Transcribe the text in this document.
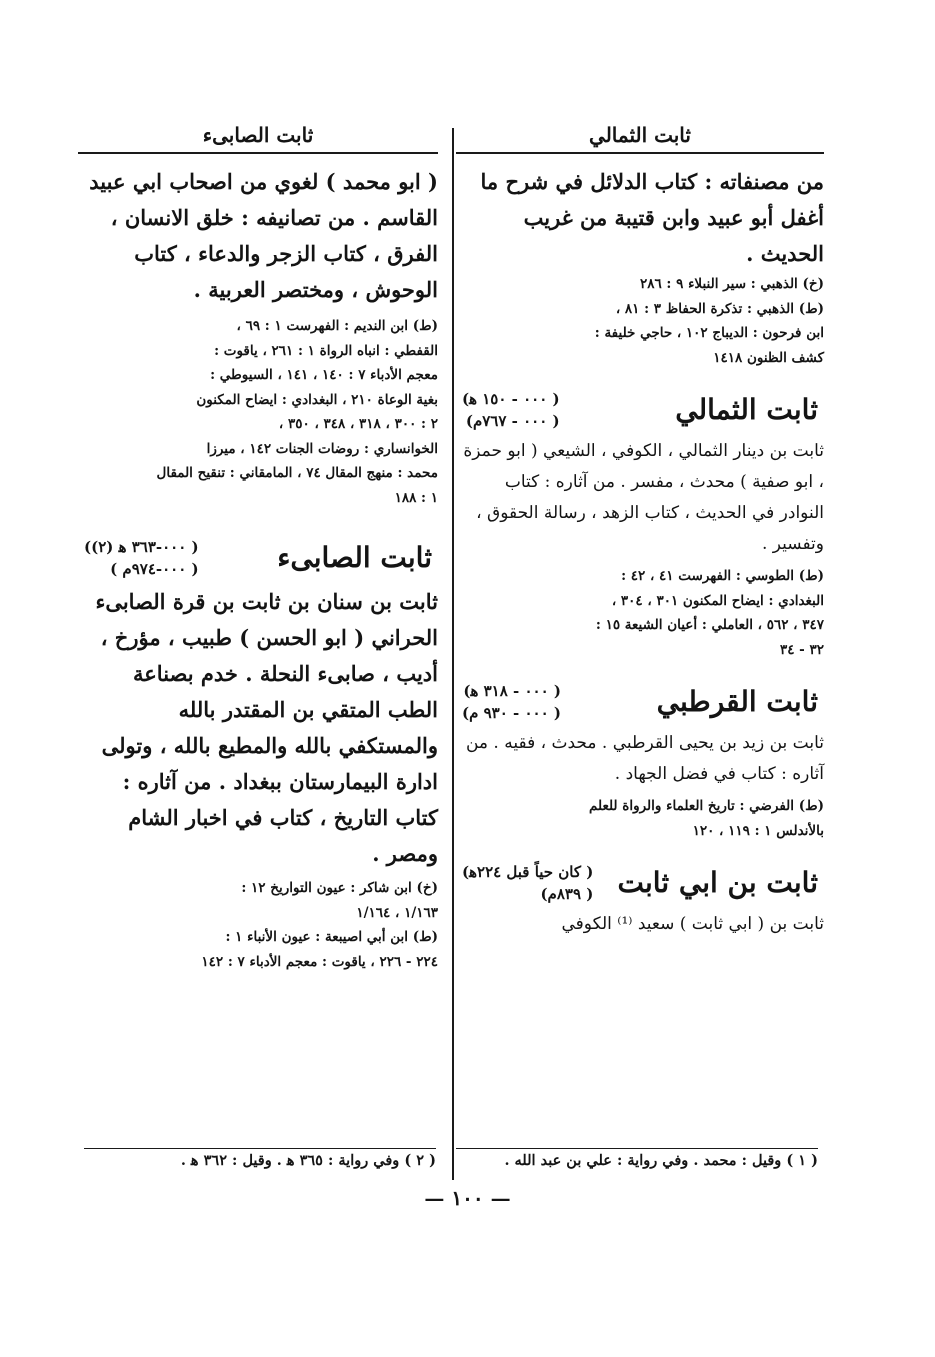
ثابت الثمالي

من مصنفاته : كتاب الدلائل في شرح ما أغفل أبو عبيد وابن قتيبة من غريب الحديث .

(خ) الذهبي : سير النبلاء ٩ : ٢٨٦

(ط) الذهبي : تذكرة الحفاظ ٣ : ٨١ ،

ابن فرحون : الديباج ١٠٢ ، حاجي خليفة :

كشف الظنون ١٤١٨

ثابت الثمالي
( ٠٠٠ - ١٥٠ ﻫ)
( ٠٠٠ - ٧٦٧م)

ثابت بن دينار الثمالي ، الكوفي ، الشيعي ( ابو حمزة ، ابو صفية ) محدث ، مفسر . من آثاره : كتاب النوادر في الحديث ، كتاب الزهد ، رسالة الحقوق ، وتفسير .

(ط) الطوسي : الفهرست ٤١ ، ٤٢ :

البغدادي : ايضاح المكنون ٣٠١ ، ٣٠٤ ،

٣٤٧ ، ٥٦٢ ، العاملي : أعيان الشيعة ١٥ :

٣٢ - ٣٤

ثابت القرطبي
( ٠٠٠ - ٣١٨ ﻫ)
( ٠٠٠ - ٩٣٠ م)

ثابت بن زيد بن يحيى القرطبي . محدث ، فقيه . من آثاره : كتاب في فضل الجهاد .

(ط) الفرضي : تاريخ العلماء والرواة للعلم

بالأندلس ١ : ١١٩ ، ١٢٠

ثابت بن ابي ثابت
( كان حياً قبل ٢٢٤ﻫ)
( ٨٣٩م)

ثابت بن ( ابي ثابت ) سعيد ⁽¹⁾ الكوفي

ثابت الصابىء

( ابو محمد ) لغوي من اصحاب ابي عبيد القاسم . من تصانيفه : خلق الانسان ، الفرق ، كتاب الزجر والدعاء ، كتاب الوحوش ، ومختصر العربية .

(ط) ابن النديم : الفهرست ١ : ٦٩ ،

القفطي : انباه الرواة ١ : ٢٦١ ، ياقوت :

معجم الأدباء ٧ : ١٤٠ ، ١٤١ ، السيوطي :

بغية الوعاة ٢١٠ ، البغدادي : ايضاح المكنون

٢ : ٣٠٠ ، ٣١٨ ، ٣٤٨ ، ٣٥٠ ،

الخوانساري : روضات الجنات ١٤٢ ، ميرزا

محمد : منهج المقال ٧٤ ، المامقاني : تنقيح المقال

١ : ١٨٨

ثابت الصابىء
( ٠٠٠-٣٦٣ ﻫ (٢))
( ٠٠٠-٩٧٤م )

ثابت بن سنان بن ثابت بن قرة الصابىء الحراني ( ابو الحسن ) طبيب ، مؤرخ ، أديب ، صابىء النحلة . خدم بصناعة الطب المتقي بن المقتدر بالله والمستكفي بالله والمطيع بالله ، وتولى ادارة البيمارستان ببغداد . من آثاره : كتاب التاريخ ، كتاب في اخبار الشام ومصر .

(خ) ابن شاكر : عيون التواريخ ١٢ :

١/١٦٣ ، ١/١٦٤

(ط) ابن أبي اصيبعة : عيون الأنباء ١ :

٢٢٤ - ٢٢٦ ، ياقوت : معجم الأدباء ٧ : ١٤٢

( ١ ) وقيل : محمد . وفي رواية : علي بن عبد الله .
( ٢ ) وفي رواية : ٣٦٥ ﻫ . وقيل : ٣٦٢ ﻫ .
— ١٠٠ —
